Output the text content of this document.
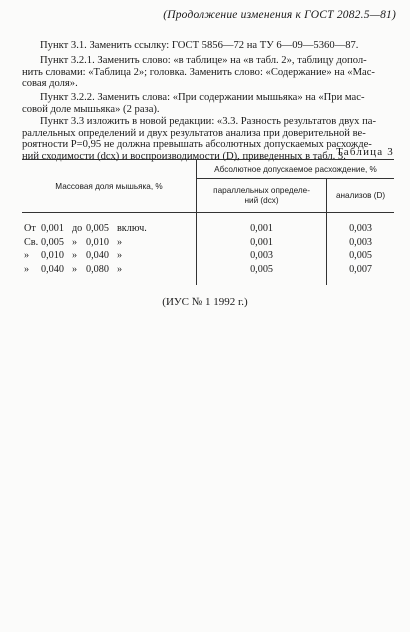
(Продолжение изменения к ГОСТ 2082.5—81)
Пункт 3.1. Заменить ссылку: ГОСТ 5856—72 на ТУ 6—09—5360—87.
Пункт 3.2.1. Заменить слово: «в таблице» на «в табл. 2», таблицу допол-
нить словами: «Таблица 2»; головка. Заменить слово: «Содержание» на «Мас-
совая доля».
Пункт 3.2.2. Заменить слова: «При содержании мышьяка» на «При мас-
совой доле мышьяка» (2 раза).
Пункт 3.3 изложить в новой редакции: «3.3. Разность результатов двух па-
раллельных определений и двух результатов анализа при доверительной ве-
роятности P=0,95 не должна превышать абсолютных допускаемых расхожде-
ний сходимости (dсх) и воспроизводимости (D), приведенных в табл. 3.
Таблица 3
Массовая доля мышьяка, %	Абсолютное допускаемое расхождение, %	
	параллельных определе-
ний (dсх)	анализов (D)
От 0,001 до 0,005 включ.	0,001	0,003
Св. 0,005 » 0,010 »	0,001	0,003
» 0,010 » 0,040 »	0,003	0,005
» 0,040 » 0,080 »	0,005	0,007
(ИУС № 1 1992 г.)
